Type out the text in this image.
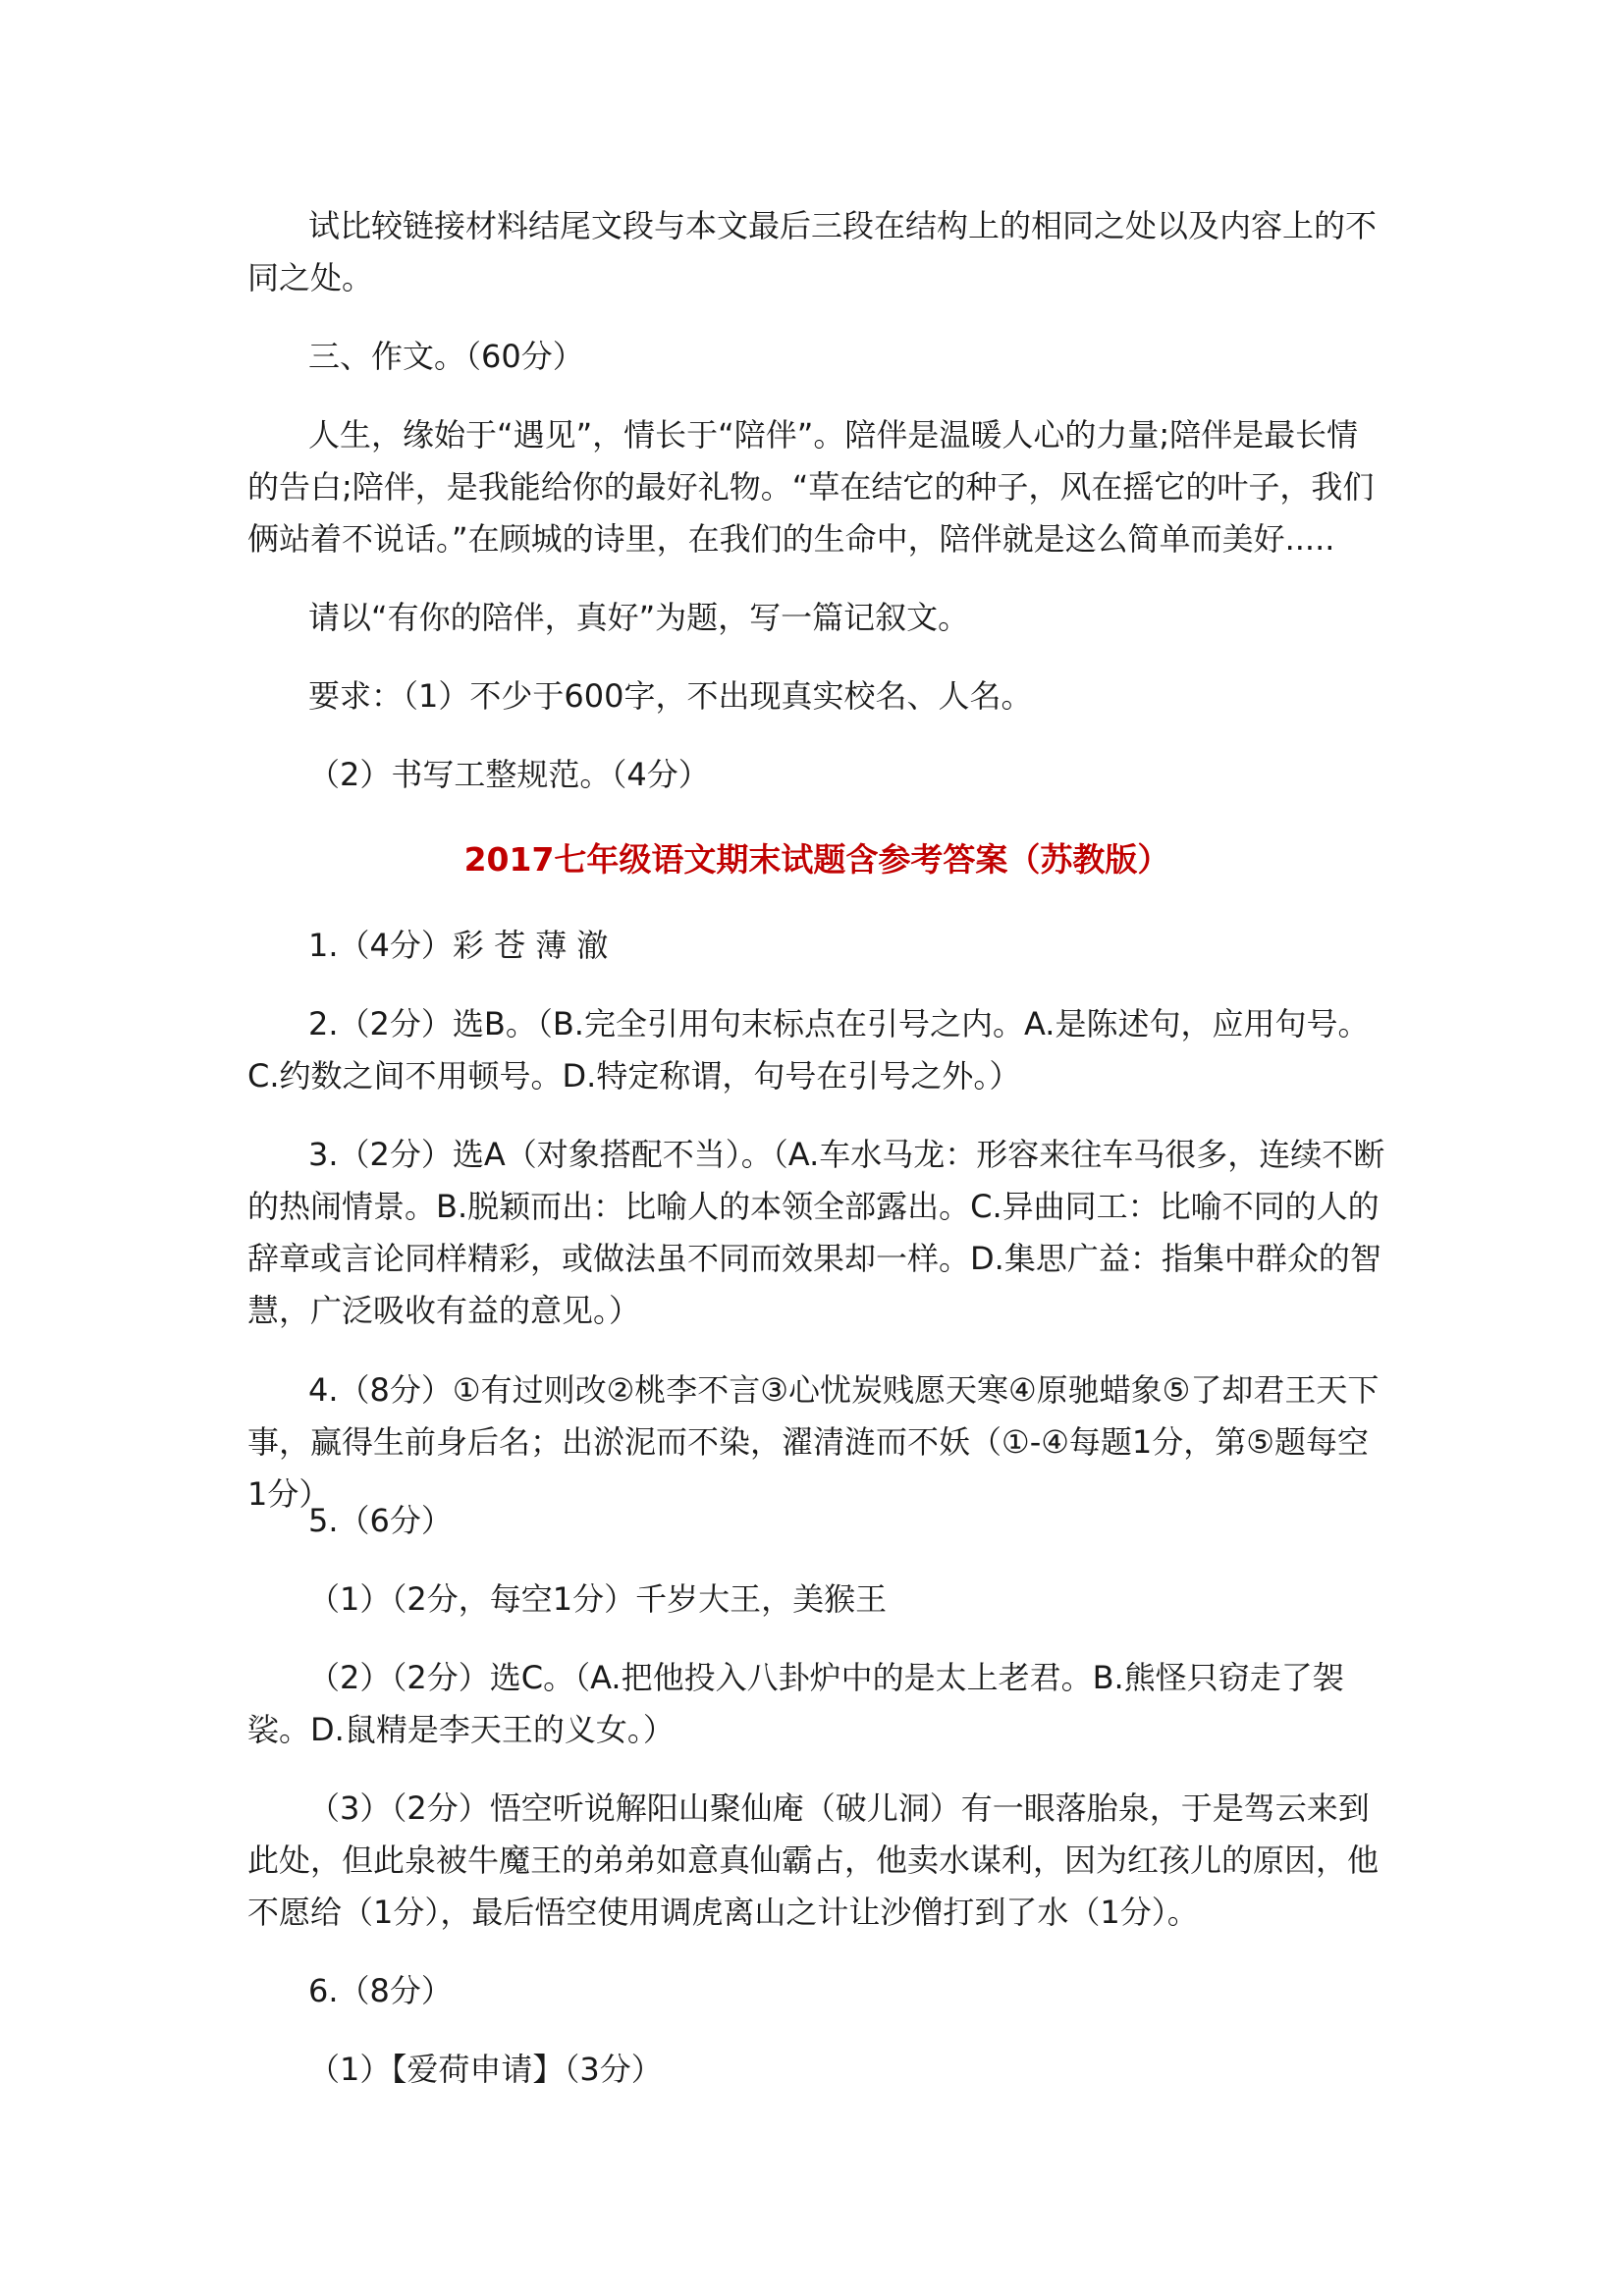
试比较链接材料结尾文段与本文最后三段在结构上的相同之处以及内容上的不同之处。

三、作文。（60分）

人生，缘始于“遇见”，情长于“陪伴”。陪伴是温暖人心的力量;陪伴是最长情的告白;陪伴，是我能给你的最好礼物。“草在结它的种子，风在摇它的叶子，我们俩站着不说话。”在顾城的诗里，在我们的生命中，陪伴就是这么简单而美好.....

请以“有你的陪伴，真好”为题，写一篇记叙文。

要求：（1）不少于600字，不出现真实校名、人名。

（2）书写工整规范。（4分）

2017七年级语文期末试题含参考答案（苏教版）

1.（4分）彩 苍 薄 澈

2.（2分）选B。（B.完全引用句末标点在引号之内。A.是陈述句，应用句号。C.约数之间不用顿号。D.特定称谓，句号在引号之外。）

3.（2分）选A（对象搭配不当）。（A.车水马龙：形容来往车马很多，连续不断的热闹情景。B.脱颖而出：比喻人的本领全部露出。C.异曲同工：比喻不同的人的辞章或言论同样精彩，或做法虽不同而效果却一样。D.集思广益：指集中群众的智慧，广泛吸收有益的意见。）

4.（8分）①有过则改②桃李不言③心忧炭贱愿天寒④原驰蜡象⑤了却君王天下事，赢得生前身后名；出淤泥而不染，濯清涟而不妖（①-④每题1分，第⑤题每空1分）

5.（6分）

（1）（2分，每空1分）千岁大王，美猴王

（2）（2分）选C。（A.把他投入八卦炉中的是太上老君。B.熊怪只窃走了袈裟。D.鼠精是李天王的义女。）

（3）（2分）悟空听说解阳山聚仙庵（破儿洞）有一眼落胎泉，于是驾云来到此处，但此泉被牛魔王的弟弟如意真仙霸占，他卖水谋利，因为红孩儿的原因，他不愿给（1分），最后悟空使用调虎离山之计让沙僧打到了水（1分）。

6.（8分）

（1）【爱荷申请】（3分）
